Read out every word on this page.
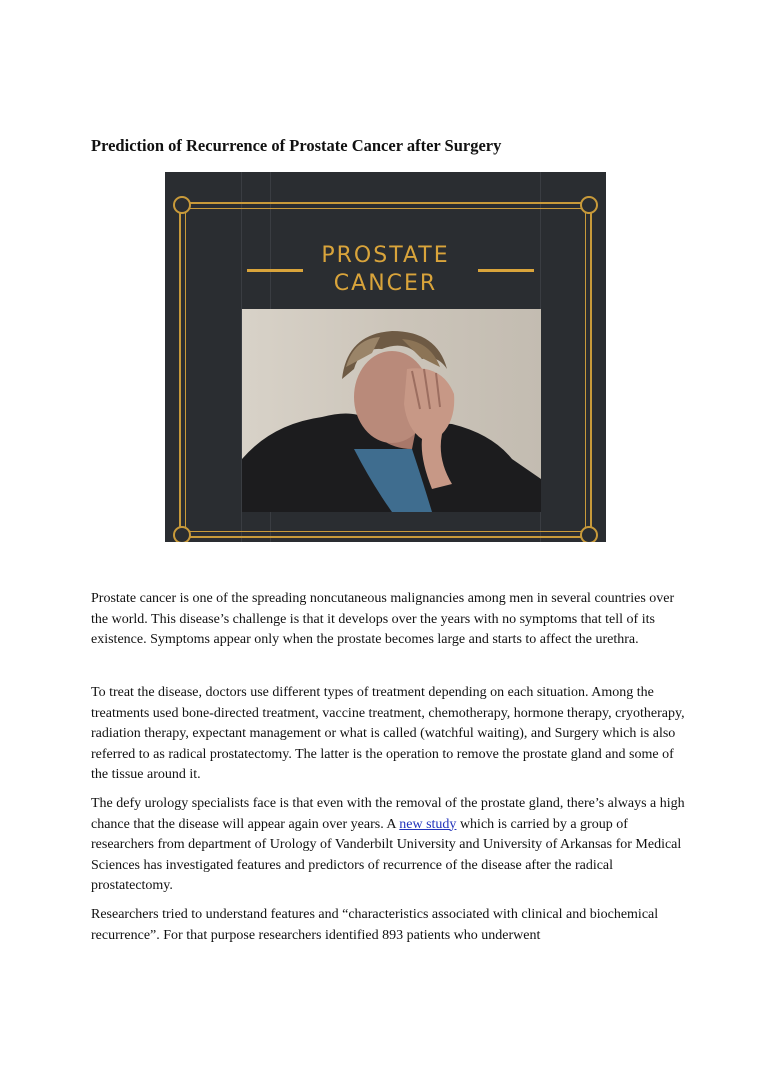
Prediction of Recurrence of Prostate Cancer after Surgery
PROSTATE
CANCER

Prostate cancer is one of the spreading noncutaneous malignancies among men in several countries over the world. This disease’s challenge is that it develops over the years with no symptoms that tell of its existence. Symptoms appear only when the prostate becomes large and starts to affect the urethra.

To treat the disease, doctors use different types of treatment depending on each situation. Among the treatments used bone-directed treatment, vaccine treatment, chemotherapy, hormone therapy, cryotherapy, radiation therapy, expectant management or what is called (watchful waiting), and Surgery which is also referred to as radical prostatectomy. The latter is the operation to remove the prostate gland and some of the tissue around it.

The defy urology specialists face is that even with the removal of the prostate gland, there’s always a high chance that the disease will appear again over years. A new study which is carried by a group of researchers from department of Urology of Vanderbilt University and University of Arkansas for Medical Sciences has investigated features and predictors of recurrence of the disease after the radical prostatectomy.

Researchers tried to understand features and “characteristics associated with clinical and biochemical recurrence”. For that purpose researchers identified 893 patients who underwent
